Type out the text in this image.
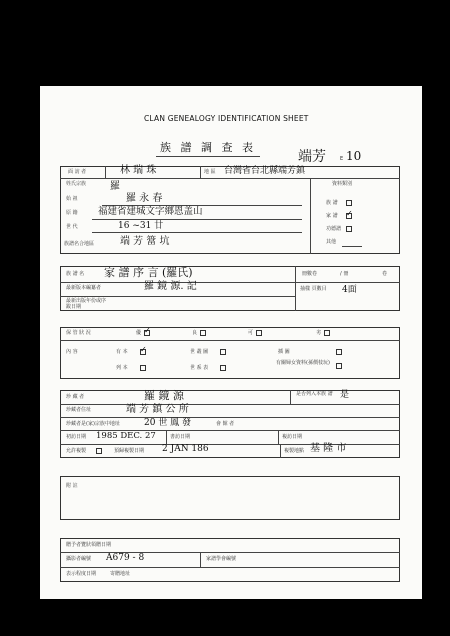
CLAN GENEALOGY IDENTIFICATION SHEET
族 譜 調 查 表
端芳	E 10
面 訪 者	林 瑞 珠	地 區 台灣省台北縣端芳鎮
姓氏宗族 羅
始 祖	羅 永 春
原 籍 福建省建城文字鄉恩盖山
世 代	16 ~31 廿
族譜名合地區	端 芳 簹 坑
資料類別
族 譜
家 譜 ✓
功德譜
其他
族 譜 名 家 譜 序 言 (羅氏)	冊數卷	/ 冊	卷
最新版本編纂者	羅 鏡 源. 記
最新出版年份或序跋日期
抽樣 頁數目 4面
保 管 狀 況	優 ✓	良	可	劣
內 容	有 本 ✓	世 叢 圖	插 圖
列 本	世 系 表
有關婦女資料(孫價枝玩)
珍 藏 者	羅 鏡 源	是否列入本族 譜 是
珍藏者住址	端 芳 鎮 公 所
珍藏者是(家)宗族中地址	20 世 鳳 發	會 館 者
初訪日期 1985 DEC. 27	書訪日期	複訪日期
允許複製	預歸複製日期 2 JAN 186	複製地點 基 隆 市
附 註
贈予者覽狀領贈日期
攝影者編號 A679 - 8	家譜學會編號
表示程度日期	寄贈地址
